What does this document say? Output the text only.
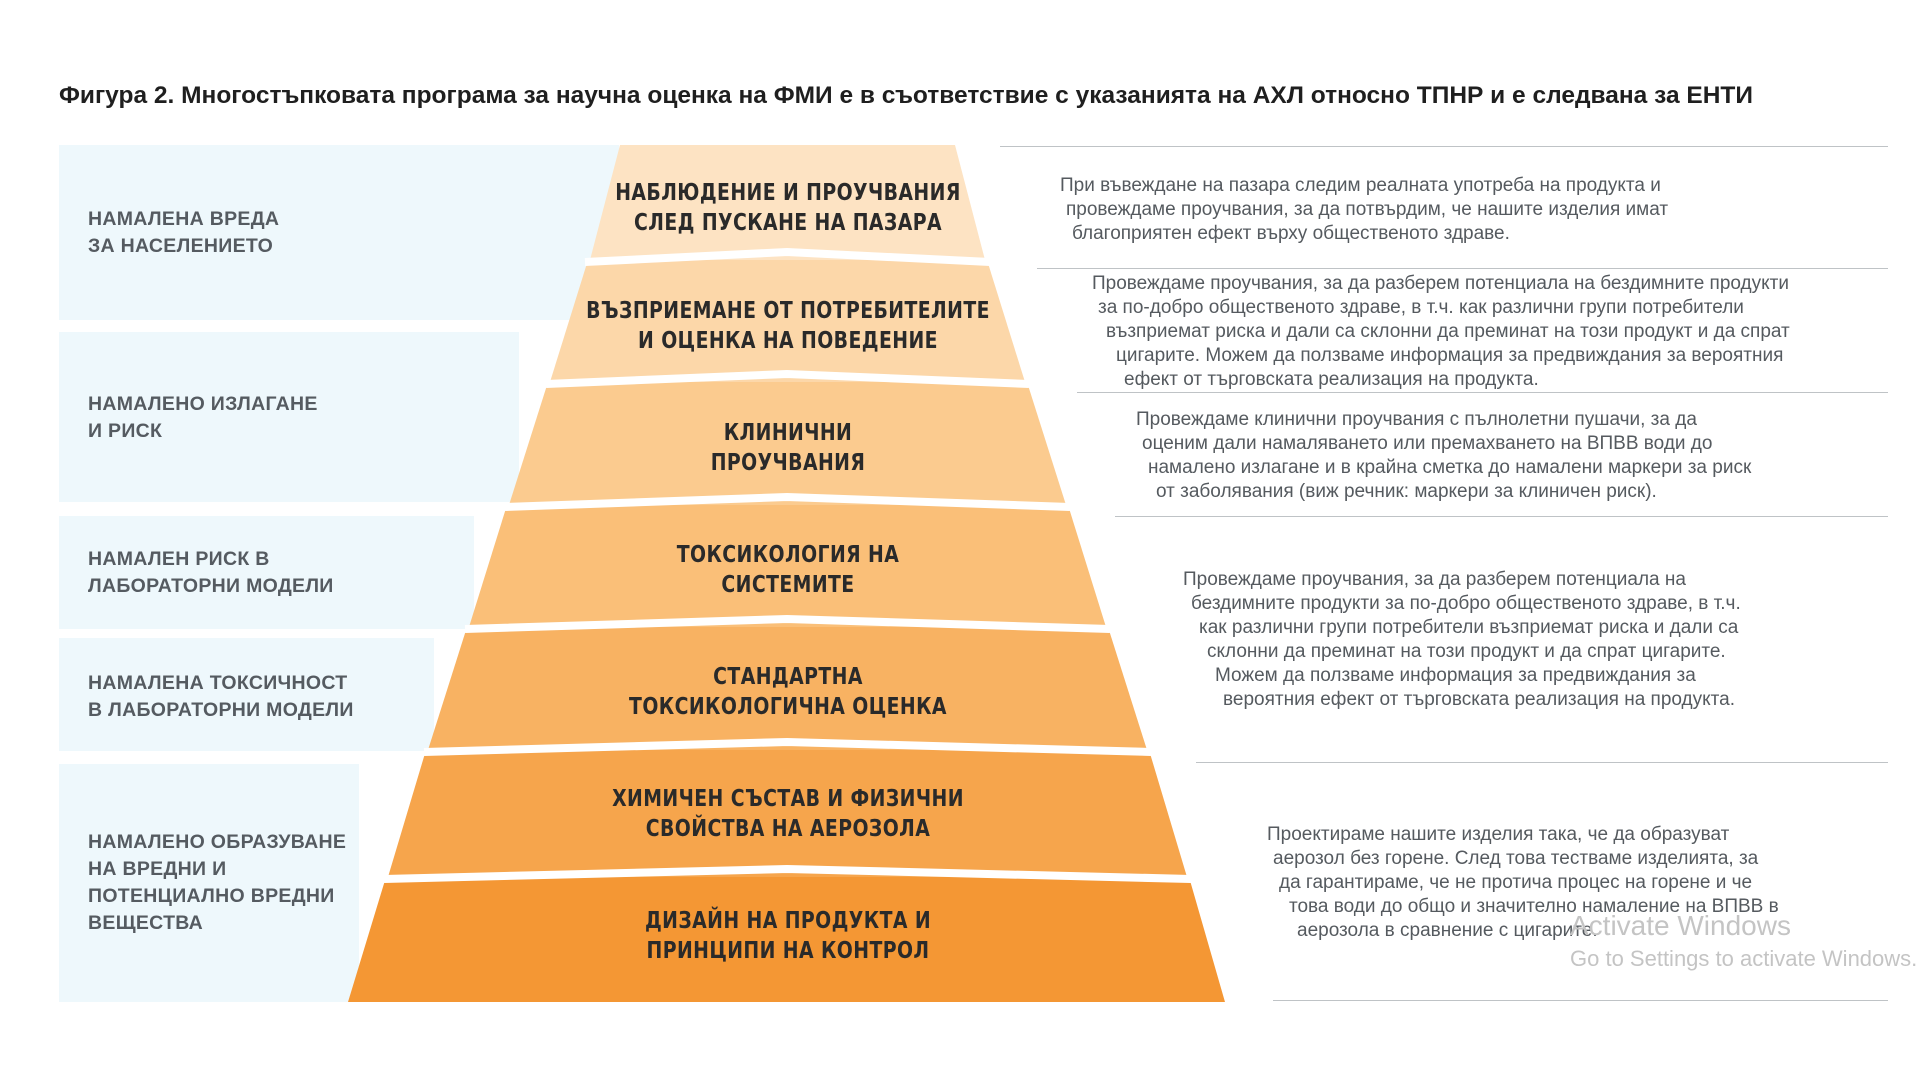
Фигура 2. Многостъпковата програма за научна оценка на ФМИ е в съответствие с указанията на АХЛ относно ТПНР и е следвана за ЕНТИ
НАМАЛЕНА ВРЕДА
ЗА НАСЕЛЕНИЕТО
НАМАЛЕНО ИЗЛАГАНЕ
И РИСК
НАМАЛЕН РИСК В
ЛАБОРАТОРНИ МОДЕЛИ
НАМАЛЕНА ТОКСИЧНОСТ
В ЛАБОРАТОРНИ МОДЕЛИ
НАМАЛЕНО ОБРАЗУВАНЕ
НА ВРЕДНИ И
ПОТЕНЦИАЛНО ВРЕДНИ
ВЕЩЕСТВА
НАБЛЮДЕНИЕ И ПРОУЧВАНИЯ
СЛЕД ПУСКАНЕ НА ПАЗАРА
ВЪЗПРИЕМАНЕ ОТ ПОТРЕБИТЕЛИТЕ
И ОЦЕНКА НА ПОВЕДЕНИЕ
КЛИНИЧНИ
ПРОУЧВАНИЯ
ТОКСИКОЛОГИЯ НА
СИСТЕМИТЕ
СТАНДАРТНА
ТОКСИКОЛОГИЧНА ОЦЕНКА
ХИМИЧЕН СЪСТАВ И ФИЗИЧНИ
СВОЙСТВА НА АЕРОЗОЛА
ДИЗАЙН НА ПРОДУКТА И
ПРИНЦИПИ НА КОНТРОЛ
При въвеждане на пазара следим реалната употреба на продукта и
провеждаме проучвания, за да потвърдим, че нашите изделия имат
благоприятен ефект върху общественото здраве.
Провеждаме проучвания, за да разберем потенциала на бездимните продукти
за по-добро общественото здраве, в т.ч. как различни групи потребители
възприемат риска и дали са склонни да преминат на този продукт и да спрат
цигарите. Можем да ползваме информация за предвиждания за вероятния
ефект от търговската реализация на продукта.
Провеждаме клинични проучвания с пълнолетни пушачи, за да
оценим дали намаляването или премахването на ВПВВ води до
намалено излагане и в крайна сметка до намалени маркери за риск
от заболявания (виж речник: маркери за клиничен риск).
Провеждаме проучвания, за да разберем потенциала на
бездимните продукти за по-добро общественото здраве, в т.ч.
как различни групи потребители възприемат риска и дали са
склонни да преминат на този продукт и да спрат цигарите.
Можем да ползваме информация за предвиждания за
вероятния ефект от търговската реализация на продукта.
Проектираме нашите изделия така, че да образуват
аерозол без горене. След това тестваме изделията, за
да гарантираме, че не протича процес на горене и че
това води до общо и значително намаление на ВПВВ в
аерозола в сравнение с цигарите.
Activate Windows
Go to Settings to activate Windows.
